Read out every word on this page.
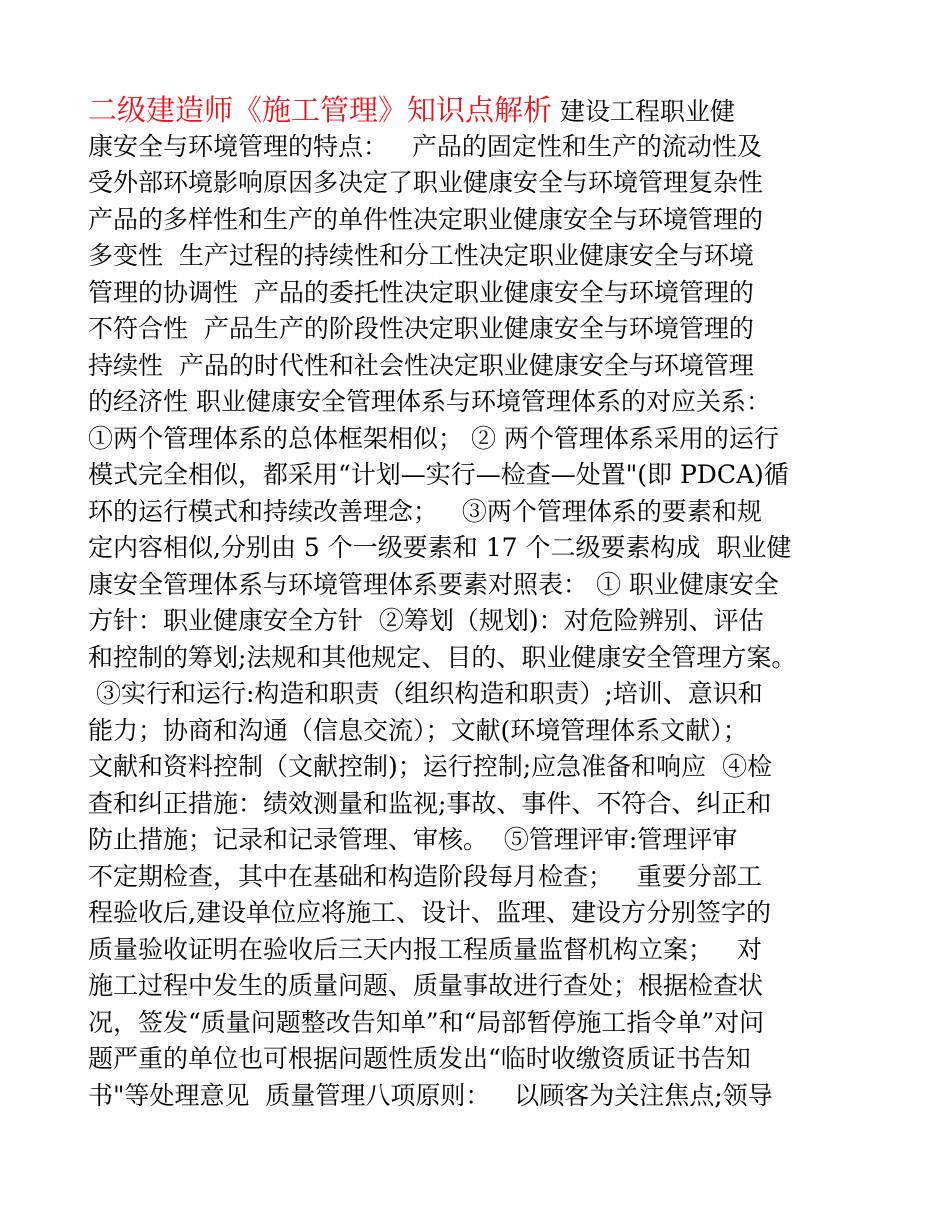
二级建造师《施工管理》知识点解析 建设工程职业健
康安全与环境管理的特点：   产品的固定性和生产的流动性及
受外部环境影响原因多决定了职业健康安全与环境管理复杂性
产品的多样性和生产的单件性决定职业健康安全与环境管理的
多变性  生产过程的持续性和分工性决定职业健康安全与环境
管理的协调性  产品的委托性决定职业健康安全与环境管理的
不符合性  产品生产的阶段性决定职业健康安全与环境管理的
持续性  产品的时代性和社会性决定职业健康安全与环境管理
的经济性 职业健康安全管理体系与环境管理体系的对应关系：
①两个管理体系的总体框架相似； ② 两个管理体系采用的运行
模式完全相似，都采用“计划—实行—检查—处置"(即 PDCA)循
环的运行模式和持续改善理念；   ③两个管理体系的要素和规
定内容相似,分别由 5 个一级要素和 17 个二级要素构成  职业健
康安全管理体系与环境管理体系要素对照表： ① 职业健康安全
方针：职业健康安全方针  ②筹划（规划)：对危险辨别、评估
和控制的筹划;法规和其他规定、目的、职业健康安全管理方案。
③实行和运行:构造和职责（组织构造和职责）;培训、意识和
能力；协商和沟通（信息交流）；文献(环境管理体系文献）；
文献和资料控制（文献控制)；运行控制;应急准备和响应  ④检
查和纠正措施：绩效测量和监视;事故、事件、不符合、纠正和
防止措施；记录和记录管理、审核。  ⑤管理评审:管理评审
不定期检查，其中在基础和构造阶段每月检查；   重要分部工
程验收后,建设单位应将施工、设计、监理、建设方分别签字的
质量验收证明在验收后三天内报工程质量监督机构立案；   对
施工过程中发生的质量问题、质量事故进行查处；根据检查状
况，签发“质量问题整改告知单”和“局部暂停施工指令单”对问
题严重的单位也可根据问题性质发出“临时收缴资质证书告知
书"等处理意见  质量管理八项原则：   以顾客为关注焦点;领导
